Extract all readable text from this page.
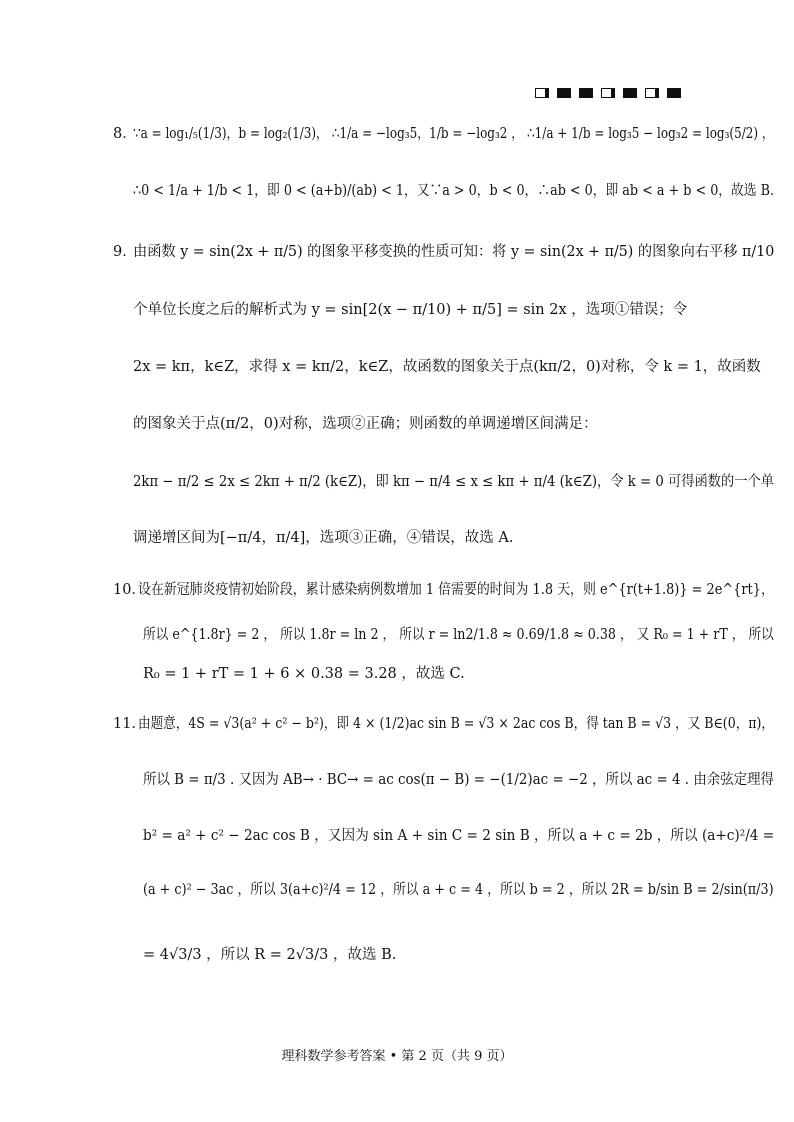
8．
∵a = log₁/₅(1/3)，b = log₂(1/3)， ∴1/a = −log₃5，1/b = −log₃2 ， ∴1/a + 1/b = log₃5 − log₃2 = log₃(5/2) ，
∴0 < 1/a + 1/b < 1，即 0 < (a+b)/(ab) < 1，又∵a > 0，b < 0，∴ab < 0，即 ab < a + b < 0，故选 B.
9．
由函数 y = sin(2x + π/5) 的图象平移变换的性质可知：将 y = sin(2x + π/5) 的图象向右平移 π/10
个单位长度之后的解析式为 y = sin[2(x − π/10) + π/5] = sin 2x ，选项①错误；令
2x = kπ，k∈Z，求得 x = kπ/2，k∈Z，故函数的图象关于点(kπ/2，0)对称，令 k = 1，故函数
的图象关于点(π/2，0)对称，选项②正确；则函数的单调递增区间满足：
2kπ − π/2 ≤ 2x ≤ 2kπ + π/2 (k∈Z)，即 kπ − π/4 ≤ x ≤ kπ + π/4 (k∈Z)，令 k = 0 可得函数的一个单
调递增区间为[−π/4，π/4]，选项③正确，④错误，故选 A.
10．
设在新冠肺炎疫情初始阶段，累计感染病例数增加 1 倍需要的时间为 1.8 天，则 e^{r(t+1.8)} = 2e^{rt}，
所以 e^{1.8r} = 2 ， 所以 1.8r = ln 2 ， 所以 r = ln2/1.8 ≈ 0.69/1.8 ≈ 0.38 ， 又 R₀ = 1 + rT ， 所以
R₀ = 1 + rT = 1 + 6 × 0.38 = 3.28 ，故选 C.
11．
由题意，4S = √3(a² + c² − b²)，即 4 × (1/2)ac sin B = √3 × 2ac cos B，得 tan B = √3 ，又 B∈(0，π)，
所以 B = π/3 . 又因为 AB→ · BC→ = ac cos(π − B) = −(1/2)ac = −2 ，所以 ac = 4 . 由余弦定理得
b² = a² + c² − 2ac cos B ，又因为 sin A + sin C = 2 sin B ，所以 a + c = 2b ，所以 (a+c)²/4 =
(a + c)² − 3ac ，所以 3(a+c)²/4 = 12 ，所以 a + c = 4 ，所以 b = 2 ，所以 2R = b/sin B = 2/sin(π/3)
= 4√3/3 ，所以 R = 2√3/3 ，故选 B.
理科数学参考答案 • 第 2 页（共 9 页）
